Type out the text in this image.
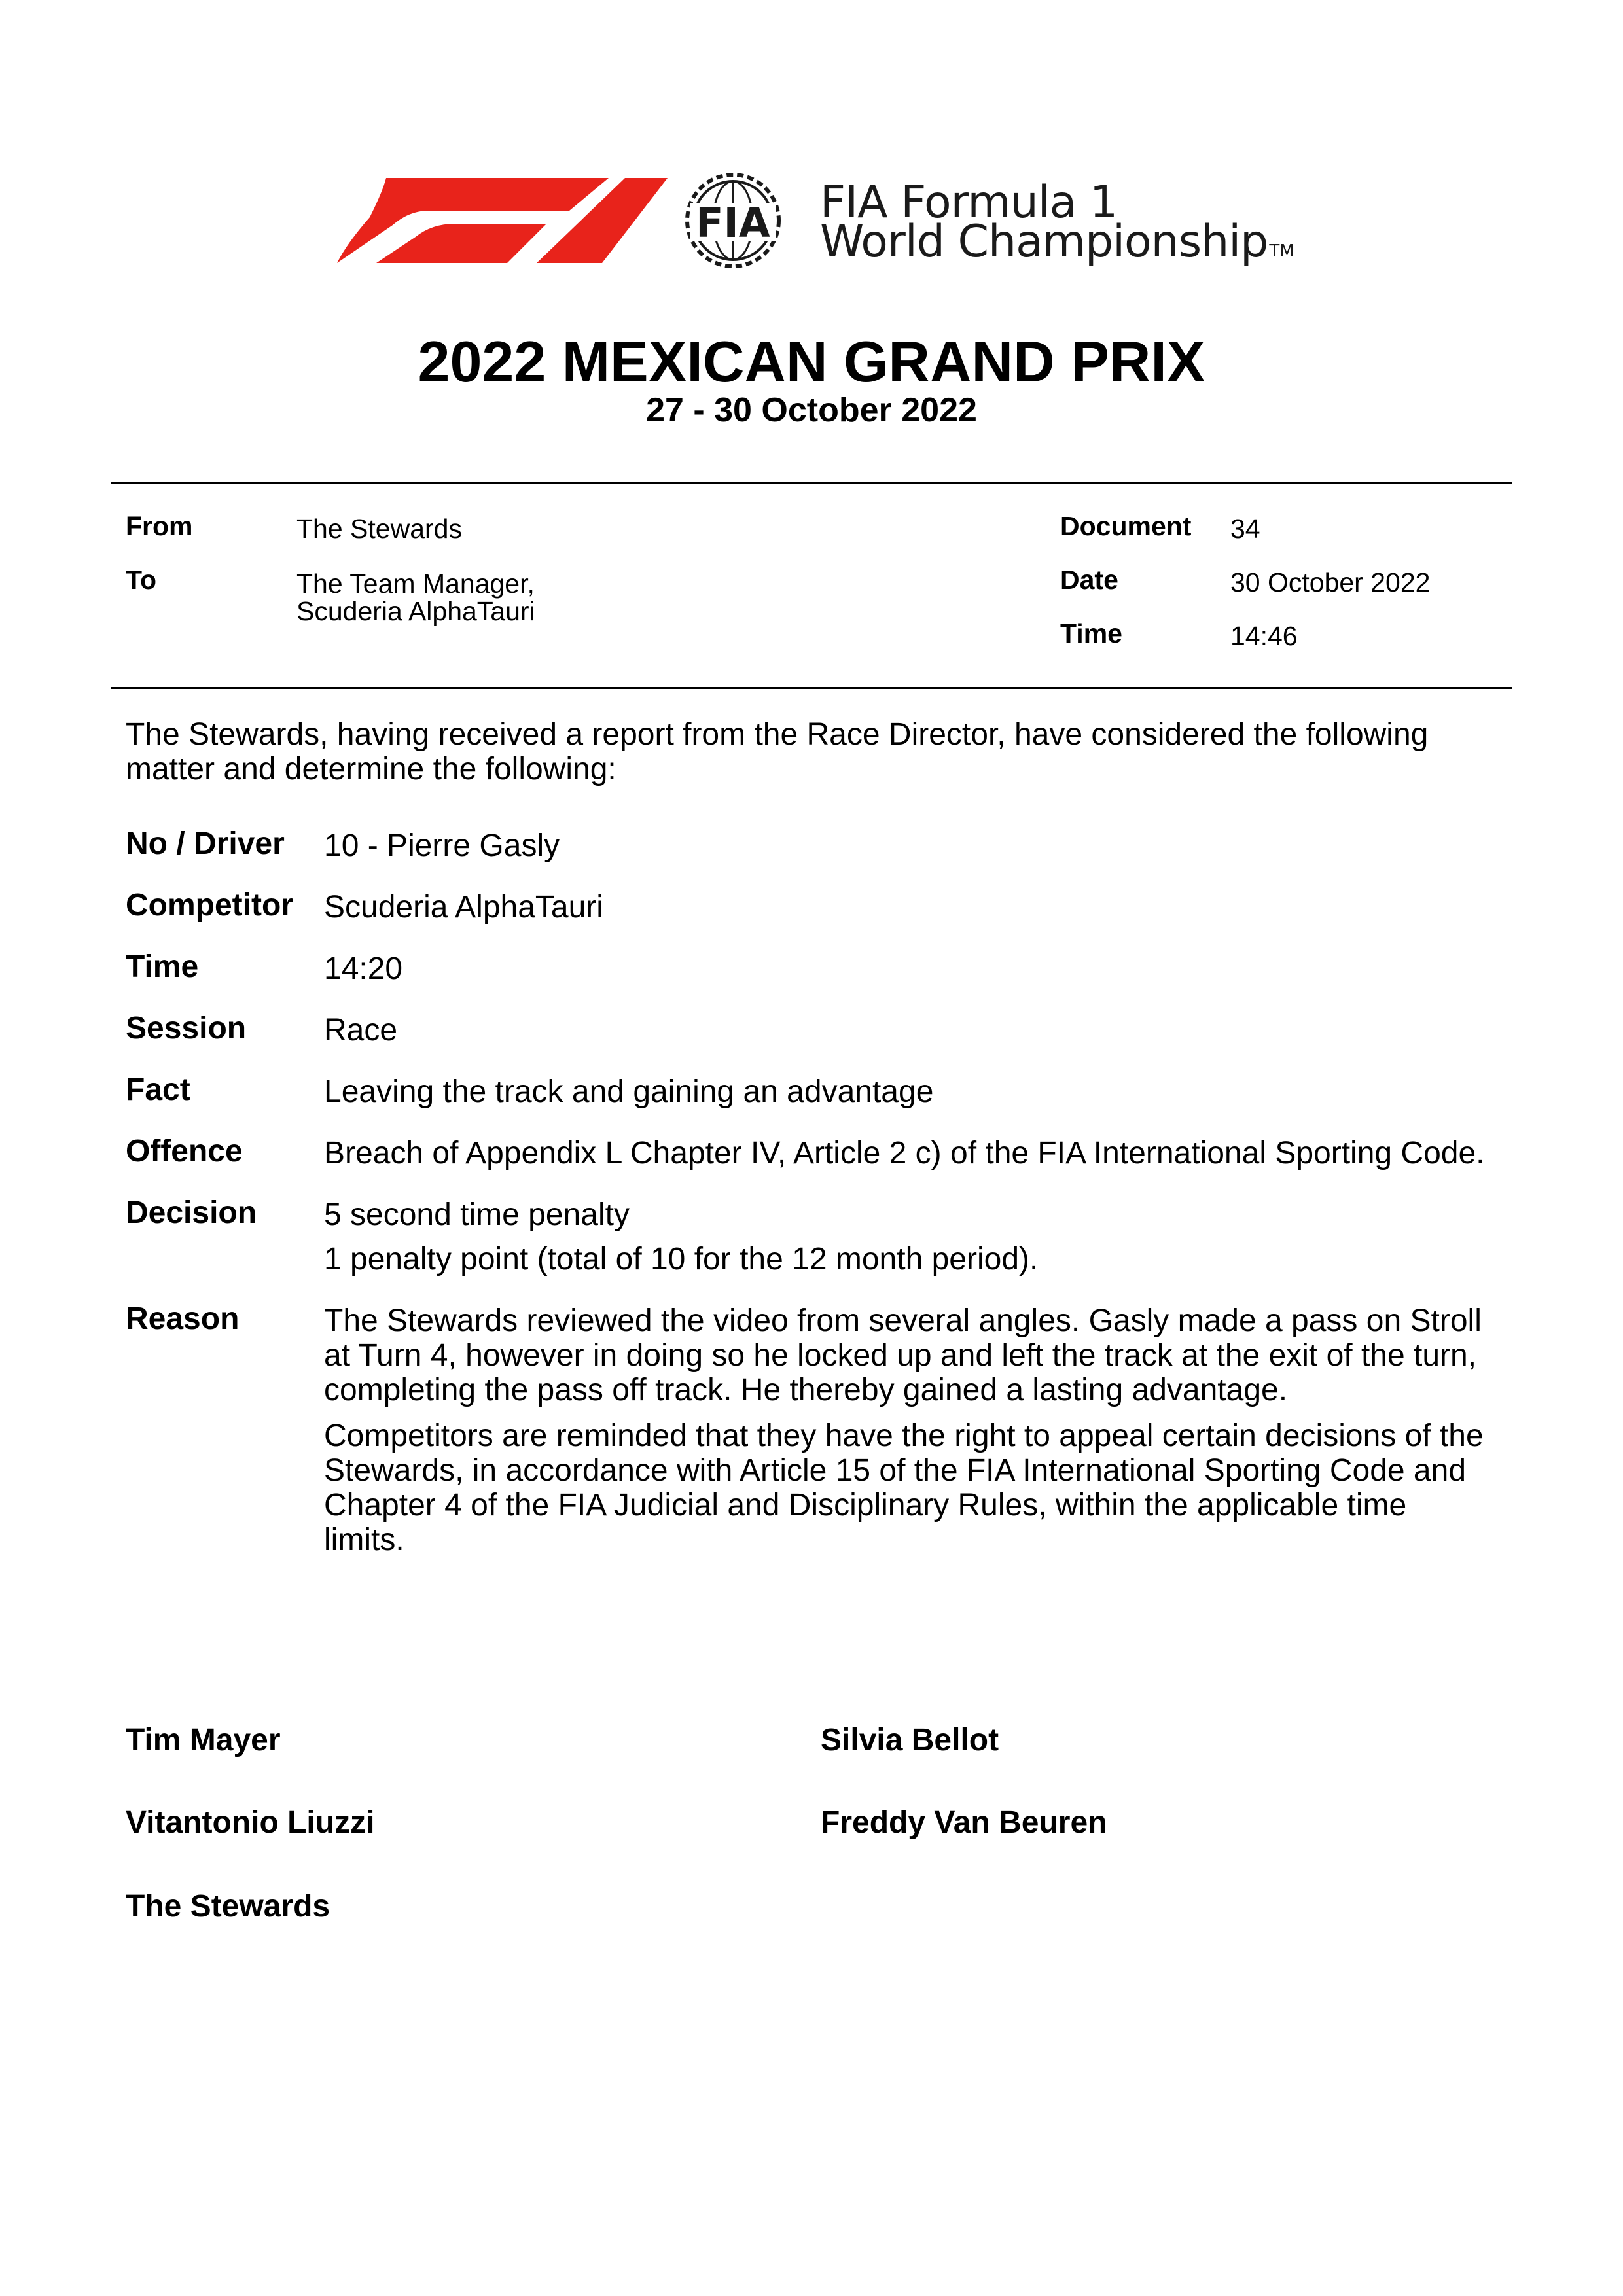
FIA FIA Formula 1
World ChampionshipTM
2022 MEXICAN GRAND PRIX
27 - 30 October 2022
From	The Stewards
To	The Team Manager,
Scuderia AlphaTauri
Document 34
Date	30 October 2022
Time	14:46
The Stewards, having received a report from the Race Director, have considered the following
matter and determine the following:
No / Driver 10 - Pierre Gasly
Competitor Scuderia AlphaTauri
Time	14:20
Session Race
Fact	Leaving the track and gaining an advantage
Offence	Breach of Appendix L Chapter IV, Article 2 c) of the FIA International Sporting Code.
Decision 5 second time penalty
1 penalty point (total of 10 for the 12 month period).
Reason	The Stewards reviewed the video from several angles. Gasly made a pass on Stroll
at Turn 4, however in doing so he locked up and left the track at the exit of the turn,
completing the pass off track. He thereby gained a lasting advantage.
Competitors are reminded that they have the right to appeal certain decisions of the
Stewards, in accordance with Article 15 of the FIA International Sporting Code and
Chapter 4 of the FIA Judicial and Disciplinary Rules, within the applicable time limits.
Tim Mayer	Silvia Bellot
Vitantonio Liuzzi	Freddy Van Beuren
The Stewards
